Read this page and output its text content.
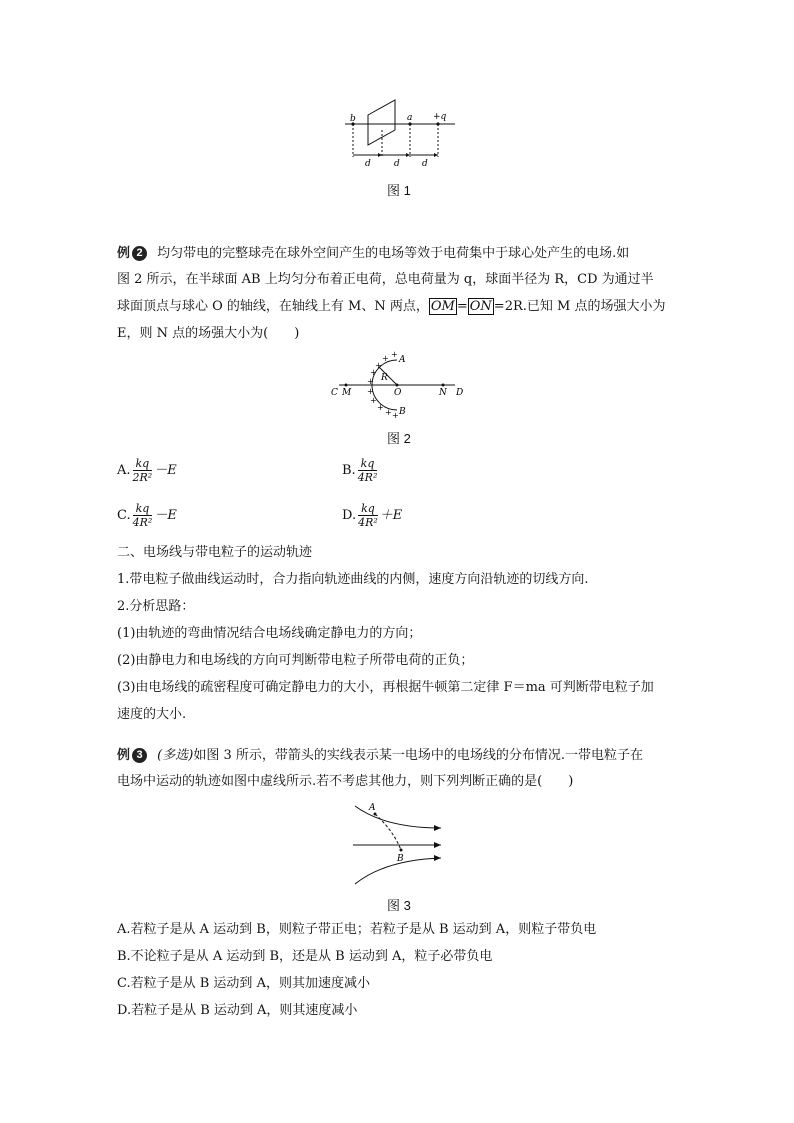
b	a +q
d	d d
图 1
例 2 均匀带电的完整球壳在球外空间产生的电场等效于电荷集中于球心处产生的电场.如
图 2 所示，在半球面 AB 上均匀分布着正电荷，总电荷量为 q，球面半径为 R，CD 为通过半
球面顶点与球心 O 的轴线，在轴线上有 M、N 两点， OM = ON =2R.已知 M 点的场强大小为
E，则 N 点的场强大小为(　　)
+
+
+
+
+
+
+
+
+ +
A
R
B
C M	O	N D
图 2
A. $\frac{kq}{\text{2R²}} -E$	B. $\frac{kq}{\text{4R²}}$
C. $\frac{kq}{\text{4R²}} -E$	D. $\frac{kq}{\text{4R²}} +E$
二、电场线与带电粒子的运动轨迹
1.带电粒子做曲线运动时，合力指向轨迹曲线的内侧，速度方向沿轨迹的切线方向.
2.分析思路：
(1)由轨迹的弯曲情况结合电场线确定静电力的方向；
(2)由静电力和电场线的方向可判断带电粒子所带电荷的正负；
(3)由电场线的疏密程度可确定静电力的大小，再根据牛顿第二定律 F＝ma 可判断带电粒子加
速度的大小.
例 3 (多选)如图 3 所示，带箭头的实线表示某一电场中的电场线的分布情况.一带电粒子在
电场中运动的轨迹如图中虚线所示.若不考虑其他力，则下列判断正确的是(　　)
A
B
图 3
A.若粒子是从 A 运动到 B，则粒子带正电；若粒子是从 B 运动到 A，则粒子带负电
B.不论粒子是从 A 运动到 B，还是从 B 运动到 A，粒子必带负电
C.若粒子是从 B 运动到 A，则其加速度减小
D.若粒子是从 B 运动到 A，则其速度减小
